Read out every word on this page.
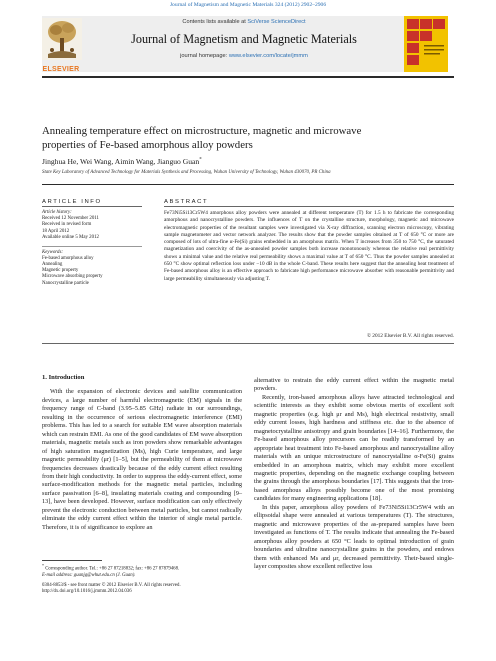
Journal of Magnetism and Magnetic Materials 324 (2012) 2902–2906
ELSEVIER
Contents lists available at SciVerse ScienceDirect
Journal of Magnetism and Magnetic Materials
journal homepage: www.elsevier.com/locate/jmmm
Annealing temperature effect on microstructure, magnetic and microwave
properties of Fe-based amorphous alloy powders
Jinghua He, Wei Wang, Aimin Wang, Jianguo Guan*
State Key Laboratory of Advanced Technology for Materials Synthesis and Processing, Wuhan University of Technology, Wuhan 430070, PR China
ARTICLE INFO	ABSTRACT
Article history:
Received 12 November 2011
Received in revised form
18 April 2012
Available online 5 May 2012
Keywords:
Fe-based amorphous alloy
Annealing
Magnetic property
Microwave absorbing property
Nanocrystalline particle
Fe73Ni5Si13Cr5W4 amorphous alloy powders were annealed at different temperature (T) for 1.5 h to fabricate the corresponding amorphous and nanocrystalline powders. The influences of T on the crystalline structure, morphology, magnetic and microwave electromagnetic properties of the resultant samples were investigated via X-ray diffraction, scanning electron microscopy, vibrating sample magnetometer and vector network analyzer. The results show that the powder samples obtained at T of 650 °C or more are composed of lots of ultra-fine α-Fe(Si) grains embedded in an amorphous matrix. When T increases from 350 to 750 °C, the saturated magnetization and coercivity of the as-annealed powder samples both increase monotonously whereas the relative real permittivity shows a minimal value and the relative real permeability shows a maximal value at T of 650 °C. Thus the powder samples annealed at 650 °C show optimal reflection loss under −10 dB in the whole C-band. These results here suggest that the annealing heat treatment of Fe-based amorphous alloy is an effective approach to fabricate high performance microwave absorber with reasonable permittivity and large permeability simultaneously via adjusting T.
© 2012 Elsevier B.V. All rights reserved.
1. Introduction

With the expansion of electronic devices and satellite communication devices, a large number of harmful electromagnetic (EM) signals in the frequency range of C-band (3.95–5.85 GHz) radiate in our surroundings, resulting in the occurrence of serious electromagnetic interference (EMI) problems. This has led to a search for suitable EM wave absorption materials which can restrain EMI. As one of the good candidates of EM wave absorption materials, magnetic metals such as iron powders show remarkable advantages of high saturation magnetization (Ms), high Curie temperature, and large magnetic permeability (μr) [1–5], but the permeability of them at microwave frequencies decreases drastically because of the eddy current effect resulting from their high conductivity. In order to suppress the eddy-current effect, some surface-modification methods for the magnetic metal particles, including surface passivation [6–8], insulating materials coating and compounding [9–13], have been developed. However, surface modification can only effectively prevent the electronic conduction between metal particles, but cannot radically eliminate the eddy current effect within the interior of single metal particle. Therefore, it is of significance to explore an

alternative to restrain the eddy current effect within the magnetic metal powders.

Recently, iron-based amorphous alloys have attracted technological and scientific interests as they exhibit some obvious merits of excellent soft magnetic properties (e.g. high μr and Ms), high electrical resistivity, small eddy current losses, high hardness and stiffness etc. due to the absence of magnetocrystalline anisotropy and grain boundaries [14–16]. Furthermore, the Fe-based amorphous alloy precursors can be readily transformed by an appropriate heat treatment into Fe-based amorphous and nanocrystalline alloy materials with an unique microstructure of nanocrystalline α-Fe(Si) grains embedded in an amorphous matrix, which may exhibit more excellent magnetic properties, depending on the magnetic exchange coupling between the grains through the amorphous boundaries [17]. This suggests that the iron-based amorphous alloys possibly become one of the most promising candidates for many engineering applications [18].

In this paper, amorphous alloy powders of Fe73Ni5Si13Cr5W4 with an ellipsoidal shape were annealed at various temperatures (T). The structures, magnetic and microwave properties of the as-prepared samples have been investigated as functions of T. The results indicate that annealing the Fe-based amorphous alloy powders at 650 °C leads to optimal introduction of grain boundaries and ultrafine nanocrystalline grains in the powders, and endows them with enhanced Ms and μr, decreased permittivity. Their-based single-layer composites show excellent reflective loss

* Corresponding author. Tel.: +86 27 87218832; fax: +86 27 87879468.
E-mail address: guanjg@whut.edu.cn (J. Guan).
0304-8853/$ - see front matter © 2012 Elsevier B.V. All rights reserved.
http://dx.doi.org/10.1016/j.jmmm.2012.04.036
